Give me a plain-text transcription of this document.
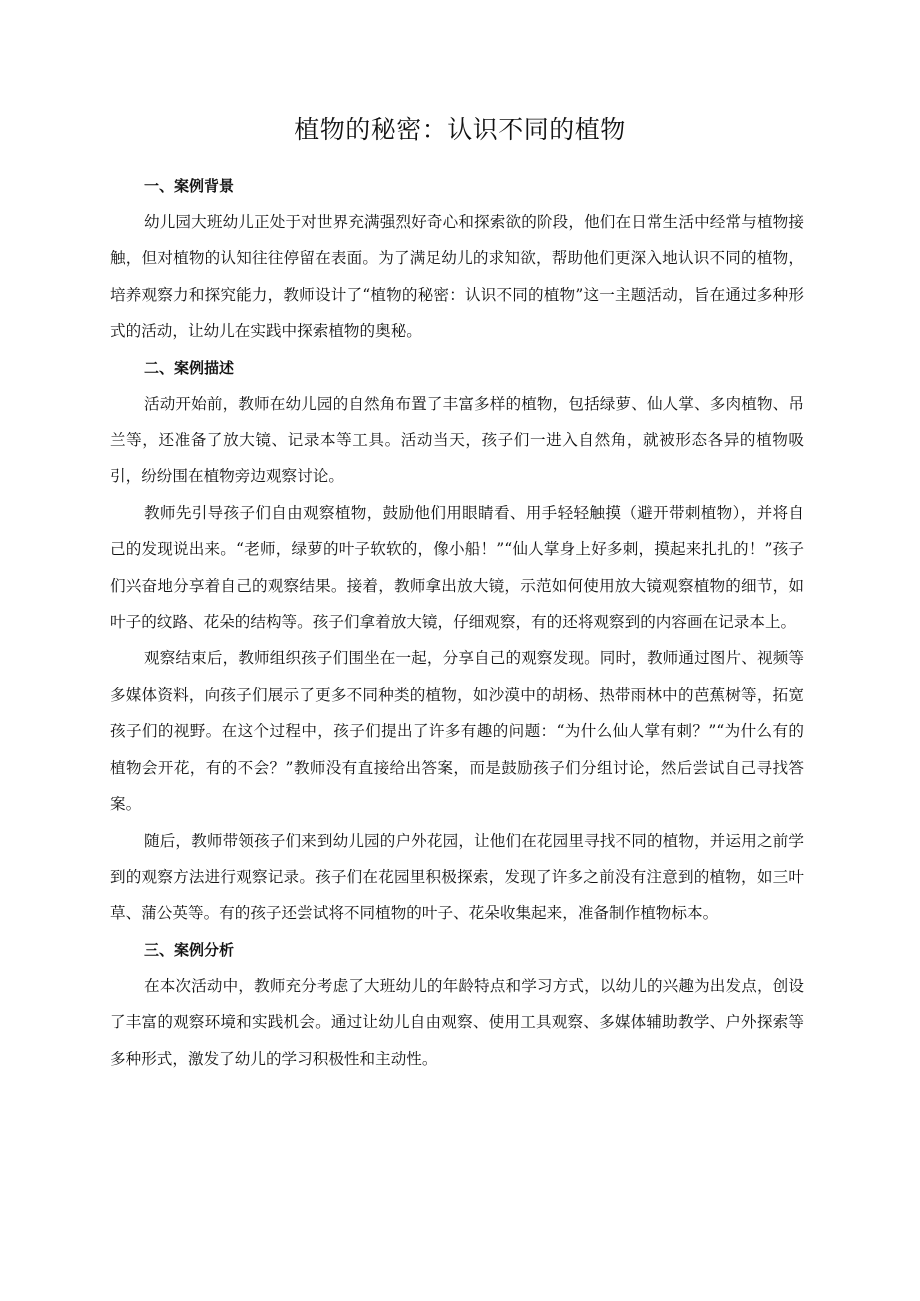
植物的秘密：认识不同的植物
一、案例背景

幼儿园大班幼儿正处于对世界充满强烈好奇心和探索欲的阶段，他们在日常生活中经常与植物接触，但对植物的认知往往停留在表面。为了满足幼儿的求知欲，帮助他们更深入地认识不同的植物，培养观察力和探究能力，教师设计了“植物的秘密：认识不同的植物”这一主题活动，旨在通过多种形式的活动，让幼儿在实践中探索植物的奥秘。

二、案例描述

活动开始前，教师在幼儿园的自然角布置了丰富多样的植物，包括绿萝、仙人掌、多肉植物、吊兰等，还准备了放大镜、记录本等工具。活动当天，孩子们一进入自然角，就被形态各异的植物吸引，纷纷围在植物旁边观察讨论。

教师先引导孩子们自由观察植物，鼓励他们用眼睛看、用手轻轻触摸（避开带刺植物），并将自己的发现说出来。“老师，绿萝的叶子软软的，像小船！”“仙人掌身上好多刺，摸起来扎扎的！”孩子们兴奋地分享着自己的观察结果。接着，教师拿出放大镜，示范如何使用放大镜观察植物的细节，如叶子的纹路、花朵的结构等。孩子们拿着放大镜，仔细观察，有的还将观察到的内容画在记录本上。

观察结束后，教师组织孩子们围坐在一起，分享自己的观察发现。同时，教师通过图片、视频等多媒体资料，向孩子们展示了更多不同种类的植物，如沙漠中的胡杨、热带雨林中的芭蕉树等，拓宽孩子们的视野。在这个过程中，孩子们提出了许多有趣的问题：“为什么仙人掌有刺？”“为什么有的植物会开花，有的不会？”教师没有直接给出答案，而是鼓励孩子们分组讨论，然后尝试自己寻找答案。

随后，教师带领孩子们来到幼儿园的户外花园，让他们在花园里寻找不同的植物，并运用之前学到的观察方法进行观察记录。孩子们在花园里积极探索，发现了许多之前没有注意到的植物，如三叶草、蒲公英等。有的孩子还尝试将不同植物的叶子、花朵收集起来，准备制作植物标本。

三、案例分析

在本次活动中，教师充分考虑了大班幼儿的年龄特点和学习方式，以幼儿的兴趣为出发点，创设了丰富的观察环境和实践机会。通过让幼儿自由观察、使用工具观察、多媒体辅助教学、户外探索等多种形式，激发了幼儿的学习积极性和主动性。
